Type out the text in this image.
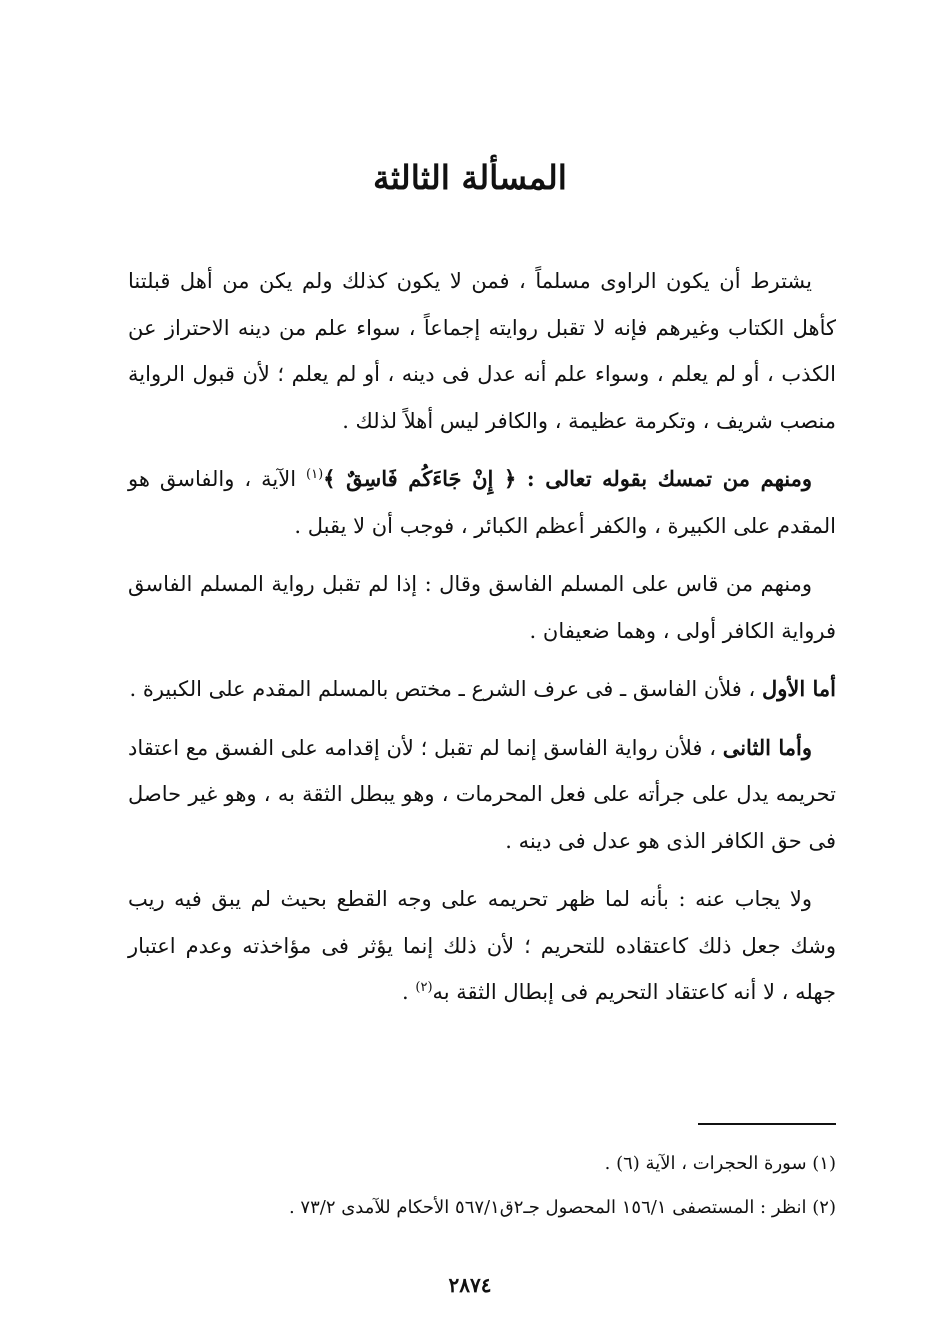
المسألة الثالثة

يشترط أن يكون الراوى مسلماً ، فمن لا يكون كذلك ولم يكن من أهل قبلتنا كأهل الكتاب وغيرهم فإنه لا تقبل روايته إجماعاً ، سواء علم من دينه الاحتراز عن الكذب ، أو لم يعلم ، وسواء علم أنه عدل فى دينه ، أو لم يعلم ؛ لأن قبول الرواية منصب شريف ، وتكرمة عظيمة ، والكافر ليس أهلاً لذلك .

ومنهم من تمسك بقوله تعالى : ﴿ إِنْ جَاءَكُم فَاسِقٌ ﴾$^{(١)}$ الآية ، والفاسق هو المقدم على الكبيرة ، والكفر أعظم الكبائر ، فوجب أن لا يقبل .

ومنهم من قاس على المسلم الفاسق وقال : إذا لم تقبل رواية المسلم الفاسق فرواية الكافر أولى ، وهما ضعيفان .

أما الأول ، فلأن الفاسق ـ فى عرف الشرع ـ مختص بالمسلم المقدم على الكبيرة .

وأما الثانى ، فلأن رواية الفاسق إنما لم تقبل ؛ لأن إقدامه على الفسق مع اعتقاد تحريمه يدل على جرأته على فعل المحرمات ، وهو يبطل الثقة به ، وهو غير حاصل فى حق الكافر الذى هو عدل فى دينه .

ولا يجاب عنه : بأنه لما ظهر تحريمه على وجه القطع بحيث لم يبق فيه ريب وشك جعل ذلك كاعتقاده للتحريم ؛ لأن ذلك إنما يؤثر فى مؤاخذته وعدم اعتبار جهله ، لا أنه كاعتقاد التحريم فى إبطال الثقة به$^{(٢)}$ .

(١) سورة الحجرات ، الآية (٦) .

(٢) انظر : المستصفى ١٥٦/١ المحصول جـ٢ق٥٦٧/١ الأحكام للآمدى ٧٣/٢ .

٢٨٧٤
